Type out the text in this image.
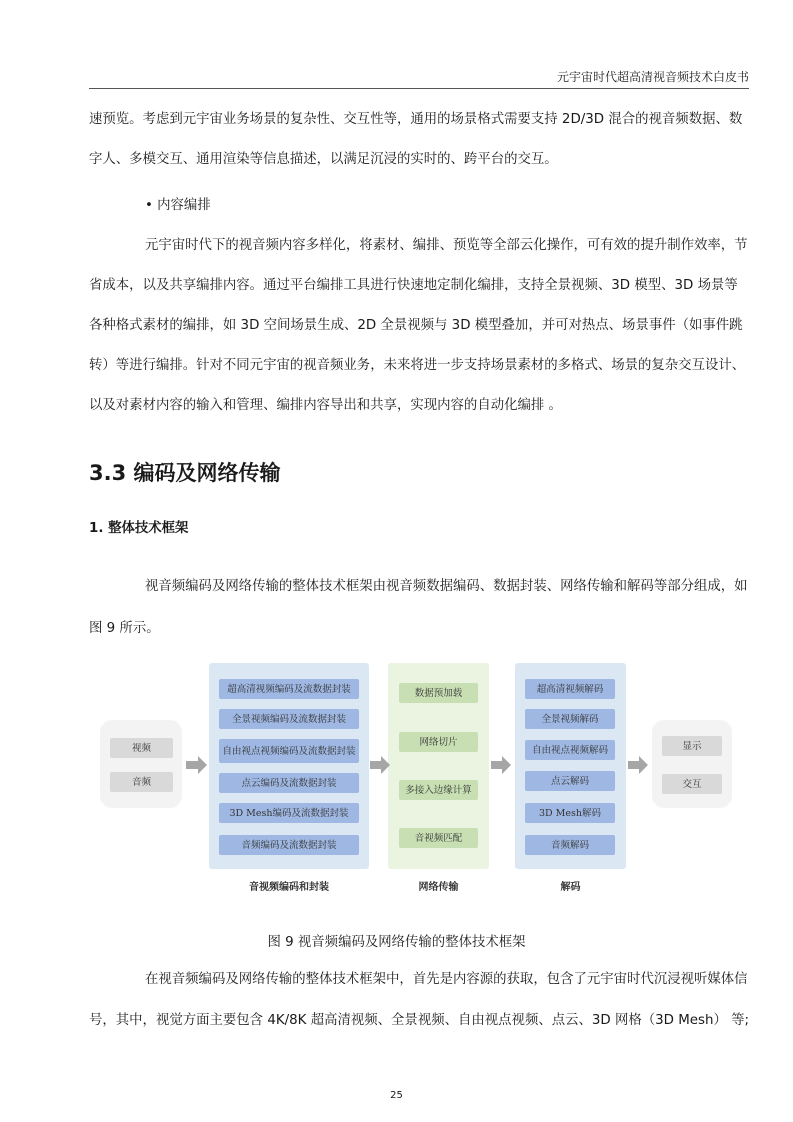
元宇宙时代超高清视音频技术白皮书
速预览。考虑到元宇宙业务场景的复杂性、交互性等，通用的场景格式需要支持 2D/3D 混合的视音频数据、数
字人、多模交互、通用渲染等信息描述，以满足沉浸的实时的、跨平台的交互。
• 内容编排
元宇宙时代下的视音频内容多样化，将素材、编排、预览等全部云化操作，可有效的提升制作效率，节
省成本，以及共享编排内容。通过平台编排工具进行快速地定制化编排，支持全景视频、3D 模型、3D 场景等
各种格式素材的编排，如 3D 空间场景生成、2D 全景视频与 3D 模型叠加，并可对热点、场景事件（如事件跳
转）等进行编排。针对不同元宇宙的视音频业务，未来将进一步支持场景素材的多格式、场景的复杂交互设计、
以及对素材内容的输入和管理、编排内容导出和共享，实现内容的自动化编排 。
3.3 编码及网络传输
1. 整体技术框架
视音频编码及网络传输的整体技术框架由视音频数据编码、数据封装、网络传输和解码等部分组成，如
图 9 所示。
视频
音频
超高清视频编码及流数据封装
全景视频编码及流数据封装
自由视点视频编码及流数据封装
点云编码及流数据封装
3D Mesh编码及流数据封装
音频编码及流数据封装
音视频编码和封装
数据预加载
网络切片
多接入边缘计算
音视频匹配
网络传输
超高清视频解码
全景视频解码
自由视点视频解码
点云解码
3D Mesh解码
音频解码
解码
显示
交互
图 9 视音频编码及网络传输的整体技术框架
在视音频编码及网络传输的整体技术框架中，首先是内容源的获取，包含了元宇宙时代沉浸视听媒体信
号，其中，视觉方面主要包含 4K/8K 超高清视频、全景视频、自由视点视频、点云、3D 网格（3D Mesh） 等;
25
